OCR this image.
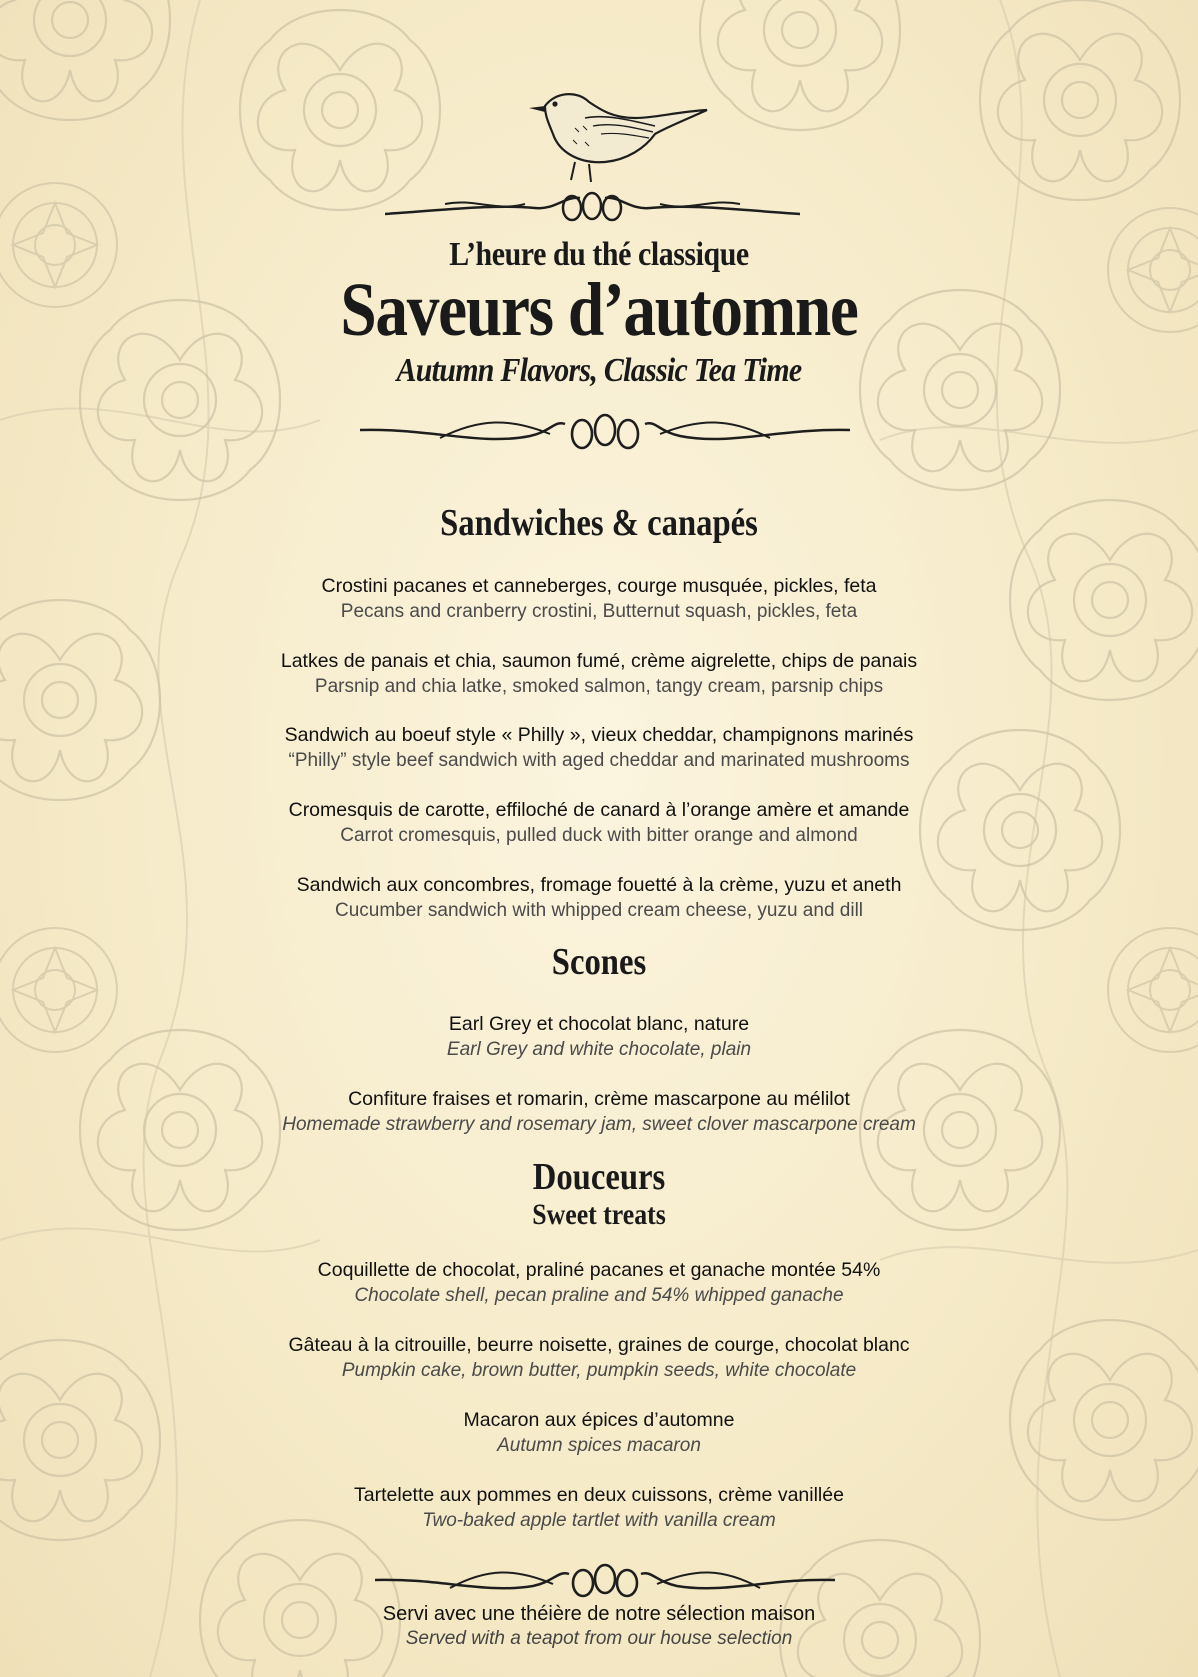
L’heure du thé classique
Saveurs d’automne
Autumn Flavors, Classic Tea Time
Sandwiches & canapés
Crostini pacanes et canneberges, courge musquée, pickles, feta
Pecans and cranberry crostini, Butternut squash, pickles, feta
Latkes de panais et chia, saumon fumé, crème aigrelette, chips de panais
Parsnip and chia latke, smoked salmon, tangy cream, parsnip chips
Sandwich au boeuf style « Philly », vieux cheddar, champignons marinés
“Philly” style beef sandwich with aged cheddar and marinated mushrooms
Cromesquis de carotte, effiloché de canard à l’orange amère et amande
Carrot cromesquis, pulled duck with bitter orange and almond
Sandwich aux concombres, fromage fouetté à la crème, yuzu et aneth
Cucumber sandwich with whipped cream cheese, yuzu and dill
Scones
Earl Grey et chocolat blanc, nature
Earl Grey and white chocolate, plain
Confiture fraises et romarin, crème mascarpone au mélilot
Homemade strawberry and rosemary jam, sweet clover mascarpone cream
Douceurs
Sweet treats
Coquillette de chocolat, praliné pacanes et ganache montée 54%
Chocolate shell, pecan praline and 54% whipped ganache
Gâteau à la citrouille, beurre noisette, graines de courge, chocolat blanc
Pumpkin cake, brown butter, pumpkin seeds, white chocolate
Macaron aux épices d’automne
Autumn spices macaron
Tartelette aux pommes en deux cuissons, crème vanillée
Two-baked apple tartlet with vanilla cream
Servi avec une théière de notre sélection maison
Served with a teapot from our house selection
